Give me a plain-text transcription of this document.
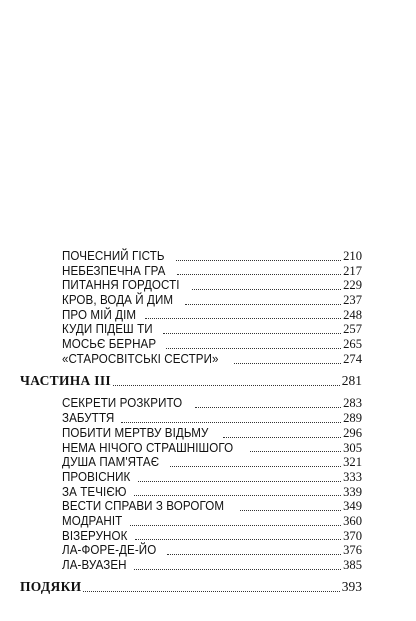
ПОЧЕСНИЙ ГІСТЬ	210
НЕБЕЗПЕЧНА ГРА	217
ПИТАННЯ ГОРДОСТІ	229
КРОВ, ВОДА Й ДИМ	237
ПРО МІЙ ДІМ	248
КУДИ ПІДЕШ ТИ	257
МОСЬЄ БЕРНАР	265
«СТАРОСВІТСЬКІ СЕСТРИ»	274
ЧАСТИНА III	281
СЕКРЕТИ РОЗКРИТО	283
ЗАБУТТЯ	289
ПОБИТИ МЕРТВУ ВІДЬМУ	296
НЕМА НІЧОГО СТРАШНІШОГО	305
ДУША ПАМ'ЯТАЄ	321
ПРОВІСНИК	333
ЗА ТЕЧІЄЮ	339
ВЕСТИ СПРАВИ З ВОРОГОМ	349
МОДРАНІТ	360
ВІЗЕРУНОК	370
ЛА-ФОРЕ-ДЕ-ЙО	376
ЛА-ВУАЗЕН	385
ПОДЯКИ	393
